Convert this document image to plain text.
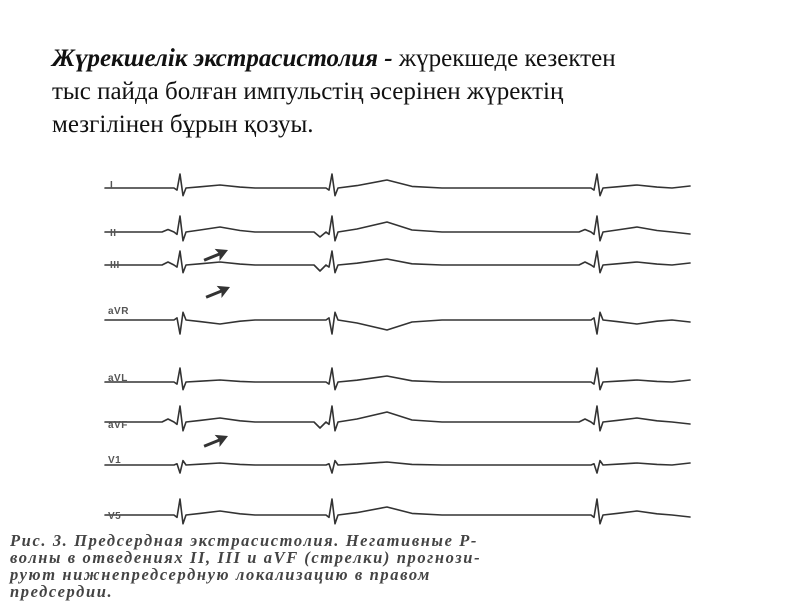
Жүрекшелік экстрасистолия - жүрекшеде кезектен
тыс пайда болған импульстің әсерінен жүректің
мезгілінен бұрын қозуы.
I
II
III
aVR
aVL
aVF
V1
V5
Рис. 3. Предсердная экстрасистолия. Негативные Р-
волны в отведениях II, III и aVF (стрелки) прогнози-
руют нижнепредсердную локализацию в правом
предсердии.
